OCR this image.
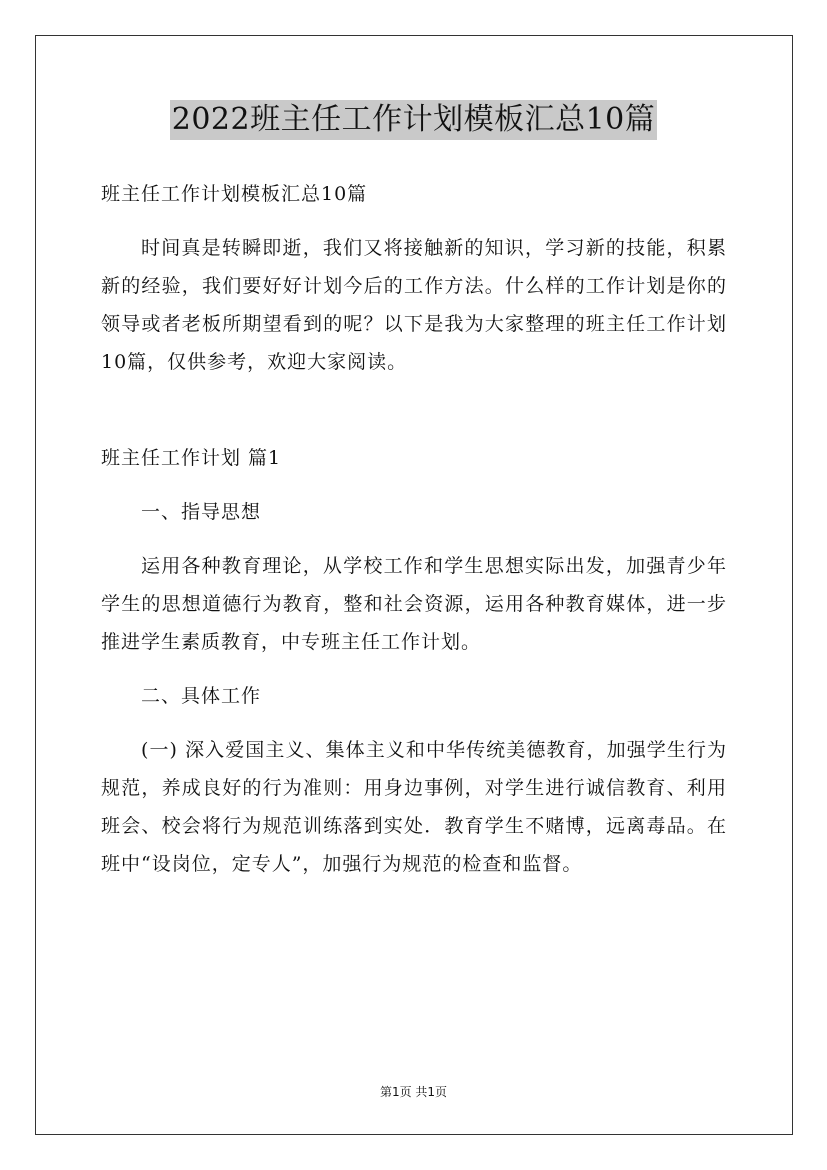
2022班主任工作计划模板汇总10篇

班主任工作计划模板汇总10篇

时间真是转瞬即逝，我们又将接触新的知识，学习新的技能，积累新的经验，我们要好好计划今后的工作方法。什么样的工作计划是你的领导或者老板所期望看到的呢？以下是我为大家整理的班主任工作计划10篇，仅供参考，欢迎大家阅读。

班主任工作计划 篇1

一、指导思想

运用各种教育理论，从学校工作和学生思想实际出发，加强青少年学生的思想道德行为教育，整和社会资源，运用各种教育媒体，进一步推进学生素质教育，中专班主任工作计划。

二、具体工作

(一) 深入爱国主义、集体主义和中华传统美德教育，加强学生行为规范，养成良好的行为准则：用身边事例，对学生进行诚信教育、利用班会、校会将行为规范训练落到实处．教育学生不赌博，远离毒品。在班中“设岗位，定专人”，加强行为规范的检查和监督。

第1页 共1页
